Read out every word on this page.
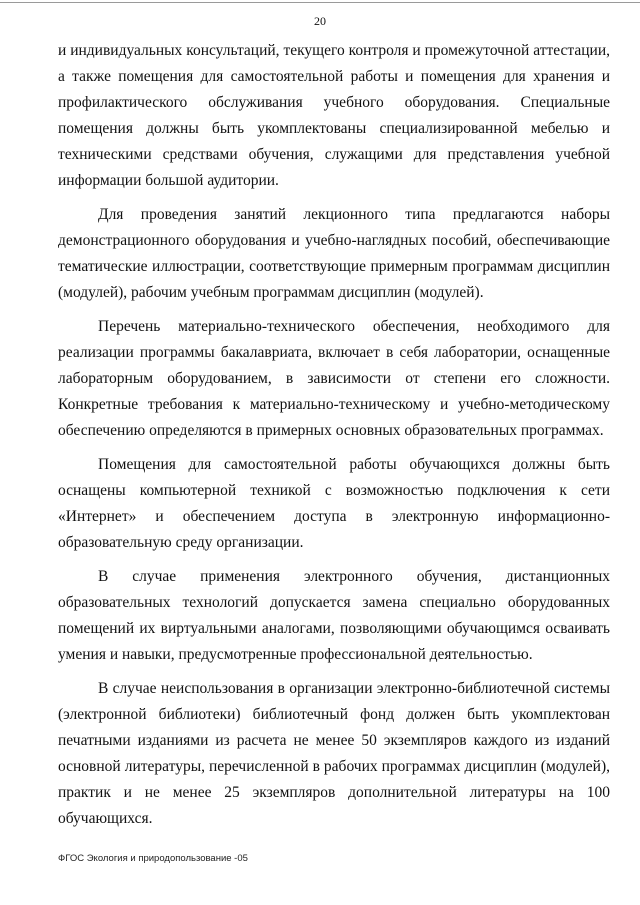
20

и индивидуальных консультаций, текущего контроля и промежуточной аттестации, а также помещения для самостоятельной работы и помещения для хранения и профилактического обслуживания учебного оборудования. Специальные помещения должны быть укомплектованы специализированной мебелью и техническими средствами обучения, служащими для представления учебной информации большой аудитории.

Для проведения занятий лекционного типа предлагаются наборы демонстрационного оборудования и учебно-наглядных пособий, обеспечивающие тематические иллюстрации, соответствующие примерным программам дисциплин (модулей), рабочим учебным программам дисциплин (модулей).

Перечень материально-технического обеспечения, необходимого для реализации программы бакалавриата, включает в себя лаборатории, оснащенные лабораторным оборудованием, в зависимости от степени его сложности. Конкретные требования к материально-техническому и учебно-методическому обеспечению определяются в примерных основных образовательных программах.

Помещения для самостоятельной работы обучающихся должны быть оснащены компьютерной техникой с возможностью подключения к сети «Интернет» и обеспечением доступа в электронную информационно-образовательную среду организации.

В случае применения электронного обучения, дистанционных образовательных технологий допускается замена специально оборудованных помещений их виртуальными аналогами, позволяющими обучающимся осваивать умения и навыки, предусмотренные профессиональной деятельностью.

В случае неиспользования в организации электронно-библиотечной системы (электронной библиотеки) библиотечный фонд должен быть укомплектован печатными изданиями из расчета не менее 50 экземпляров каждого из изданий основной литературы, перечисленной в рабочих программах дисциплин (модулей), практик и не менее 25 экземпляров дополнительной литературы на 100 обучающихся.

ФГОС Экология и природопользование -05
